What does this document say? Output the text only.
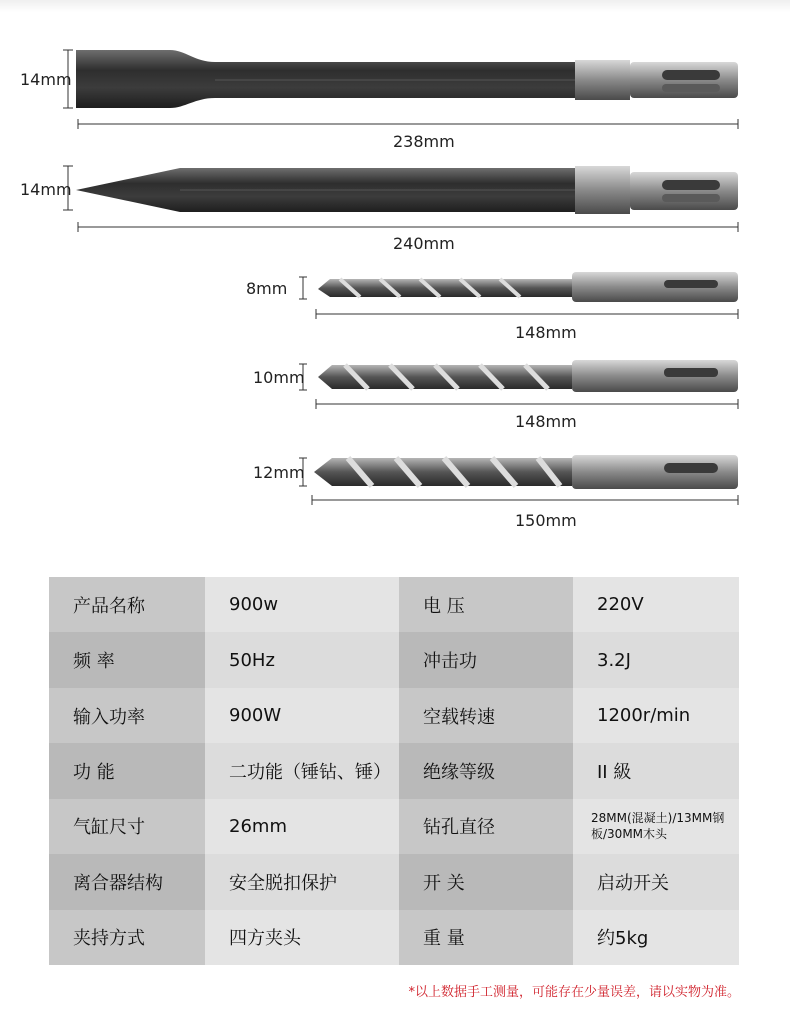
14mm
238mm
14mm
240mm
8mm
148mm
10mm
148mm
12mm
150mm
产品名称	900w	电 压	220V
频 率	50Hz	冲击功	3.2J
输入功率	900W	空载转速	1200r/min
功 能	二功能（锤钻、锤）	绝缘等级	II 級
气缸尺寸	26mm	钻孔直径	28MM(混凝土)/13MM钢板/30MM木头
离合器结构	安全脱扣保护	开 关	启动开关
夹持方式	四方夹头	重 量	约5kg
*以上数据手工测量，可能存在少量误差，请以实物为准。
